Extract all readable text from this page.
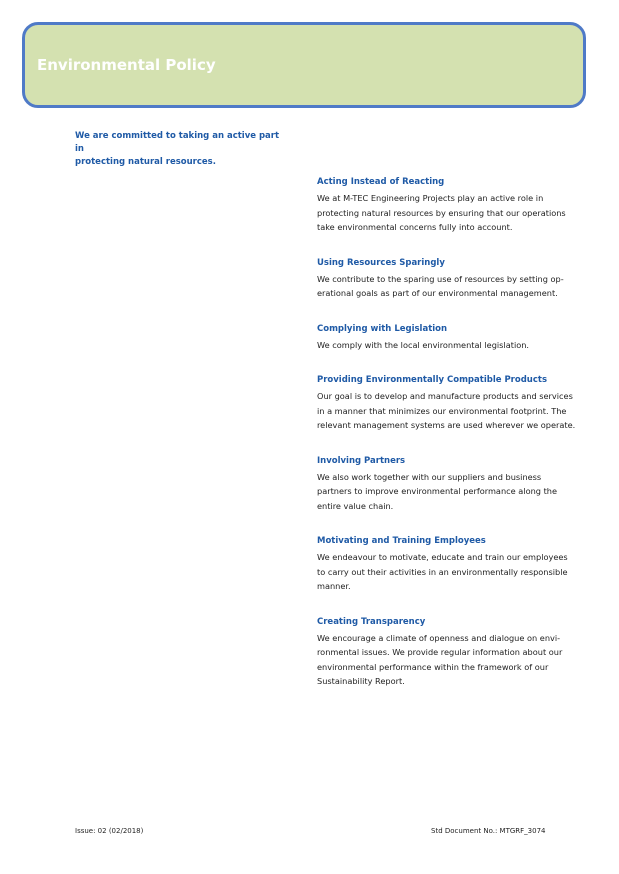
Environmental Policy
We are committed to taking an active part in
protecting natural resources.
Acting Instead of Reacting

We at M-TEC Engineering Projects play an active role in
protecting natural resources by ensuring that our operations
take environmental concerns fully into account.

Using Resources Sparingly

We contribute to the sparing use of resources by setting op-
erational goals as part of our environmental management.

Complying with Legislation

We comply with the local environmental legislation.

Providing Environmentally Compatible Products

Our goal is to develop and manufacture products and services
in a manner that minimizes our environmental footprint. The
relevant management systems are used wherever we operate.

Involving Partners

We also work together with our suppliers and business
partners to improve environmental performance along the
entire value chain.

Motivating and Training Employees

We endeavour to motivate, educate and train our employees
to carry out their activities in an environmentally responsible
manner.

Creating Transparency

We encourage a climate of openness and dialogue on envi-
ronmental issues. We provide regular information about our
environmental performance within the framework of our
Sustainability Report.

Issue: 02 (02/2018)	Std Document No.: MTGRF_3074
